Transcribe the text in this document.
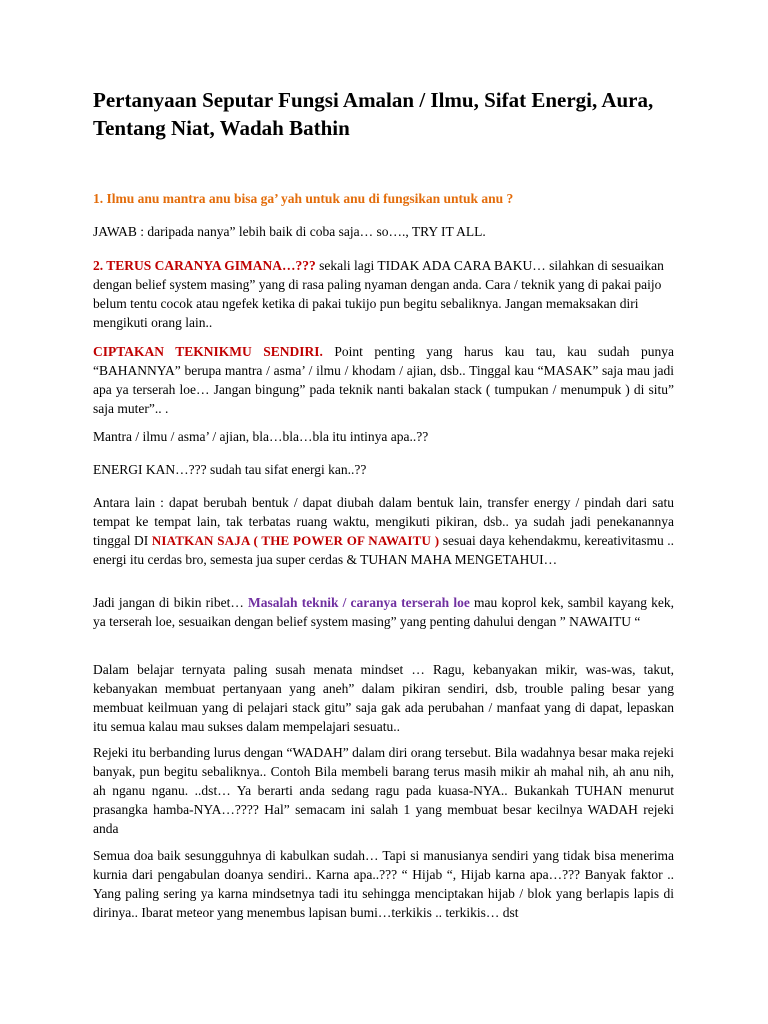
Pertanyaan Seputar Fungsi Amalan / Ilmu, Sifat Energi, Aura, Tentang Niat, Wadah Bathin

1. Ilmu anu mantra anu bisa ga’ yah untuk anu di fungsikan untuk anu ?

JAWAB : daripada nanya” lebih baik di coba saja… so…., TRY IT ALL.

2. TERUS CARANYA GIMANA…??? sekali lagi TIDAK ADA CARA BAKU… silahkan di sesuaikan dengan belief system masing” yang di rasa paling nyaman dengan anda. Cara / teknik yang di pakai paijo belum tentu cocok atau ngefek ketika di pakai tukijo pun begitu sebaliknya. Jangan memaksakan diri mengikuti orang lain..

CIPTAKAN TEKNIKMU SENDIRI. Point penting yang harus kau tau, kau sudah punya “BAHANNYA” berupa mantra / asma’ / ilmu / khodam / ajian, dsb.. Tinggal kau “MASAK” saja mau jadi apa ya terserah loe… Jangan bingung” pada teknik nanti bakalan stack ( tumpukan / menumpuk ) di situ” saja muter”.. .

Mantra / ilmu / asma’ / ajian, bla…bla…bla itu intinya apa..??

ENERGI KAN…??? sudah tau sifat energi kan..??

Antara lain : dapat berubah bentuk / dapat diubah dalam bentuk lain, transfer energy / pindah dari satu tempat ke tempat lain, tak terbatas ruang waktu, mengikuti pikiran, dsb.. ya sudah jadi penekanannya tinggal DI NIATKAN SAJA ( THE POWER OF NAWAITU ) sesuai daya kehendakmu, kereativitasmu .. energi itu cerdas bro, semesta jua super cerdas & TUHAN MAHA MENGETAHUI…

Jadi jangan di bikin ribet… Masalah teknik / caranya terserah loe mau koprol kek, sambil kayang kek, ya terserah loe, sesuaikan dengan belief system masing” yang penting dahului dengan ” NAWAITU “

Dalam belajar ternyata paling susah menata mindset … Ragu, kebanyakan mikir, was-was, takut, kebanyakan membuat pertanyaan yang aneh” dalam pikiran sendiri, dsb, trouble paling besar yang membuat keilmuan yang di pelajari stack gitu” saja gak ada perubahan / manfaat yang di dapat, lepaskan itu semua kalau mau sukses dalam mempelajari sesuatu..

Rejeki itu berbanding lurus dengan “WADAH” dalam diri orang tersebut. Bila wadahnya besar maka rejeki banyak, pun begitu sebaliknya.. Contoh Bila membeli barang terus masih mikir ah mahal nih, ah anu nih, ah nganu nganu. ..dst… Ya berarti anda sedang ragu pada kuasa-NYA.. Bukankah TUHAN menurut prasangka hamba-NYA…???? Hal” semacam ini salah 1 yang membuat besar kecilnya WADAH rejeki anda

Semua doa baik sesungguhnya di kabulkan sudah… Tapi si manusianya sendiri yang tidak bisa menerima kurnia dari pengabulan doanya sendiri.. Karna apa..??? “ Hijab “, Hijab karna apa…??? Banyak faktor .. Yang paling sering ya karna mindsetnya tadi itu sehingga menciptakan hijab / blok yang berlapis lapis di dirinya.. Ibarat meteor yang menembus lapisan bumi…terkikis .. terkikis… dst
